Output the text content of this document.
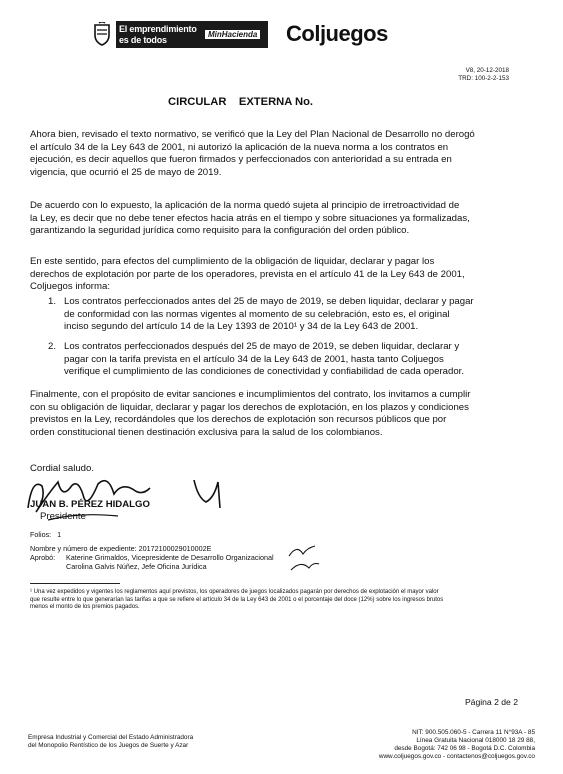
El emprendimiento
es de todos
MinHacienda Coljuegos
V8, 20-12-2018
TRD: 100-2-2-153
CIRCULAR    EXTERNA No.
Ahora bien, revisado el texto normativo, se verificó que la Ley del Plan Nacional de Desarrollo no derogó
el artículo 34 de la Ley 643 de 2001, ni autorizó la aplicación de la nueva norma a los contratos en
ejecución, es decir aquellos que fueron firmados y perfeccionados con anterioridad a su entrada en
vigencia, que ocurrió el 25 de mayo de 2019.
De acuerdo con lo expuesto, la aplicación de la norma quedó sujeta al principio de irretroactividad de
la Ley, es decir que no debe tener efectos hacia atrás en el tiempo y sobre situaciones ya formalizadas,
garantizando la seguridad jurídica como requisito para la configuración del orden público.
En este sentido, para efectos del cumplimiento de la obligación de liquidar, declarar y pagar los
derechos de explotación por parte de los operadores, prevista en el artículo 41 de la Ley 643 de 2001,
Coljuegos informa:
1. Los contratos perfeccionados antes del 25 de mayo de 2019, se deben liquidar, declarar y pagar
de conformidad con las normas vigentes al momento de su celebración, esto es, el original
inciso segundo del artículo 14 de la Ley 1393 de 2010¹ y 34 de la Ley 643 de 2001.
2. Los contratos perfeccionados después del 25 de mayo de 2019, se deben liquidar, declarar y
pagar con la tarifa prevista en el artículo 34 de la Ley 643 de 2001, hasta tanto Coljuegos
verifique el cumplimiento de las condiciones de conectividad y confiabilidad de cada operador.
Finalmente, con el propósito de evitar sanciones e incumplimientos del contrato, los invitamos a cumplir
con su obligación de liquidar, declarar y pagar los derechos de explotación, en los plazos y condiciones
previstos en la Ley, recordándoles que los derechos de explotación son recursos públicos que por
orden constitucional tienen destinación exclusiva para la salud de los colombianos.
Cordial saludo.
JUAN B. PÉREZ HIDALGO
Presidente
Folios:   1
Nombre y número de expediente: 20172100029010002E
Aprobó: Katerine Grimaldos, Vicepresidente de Desarrollo Organizacional
Carolina Galvis Núñez, Jefe Oficina Jurídica
¹ Una vez expedidos y vigentes los reglamentos aquí previstos, los operadores de juegos localizados pagarán por derechos de explotación el mayor valor
que resulte entre lo que generarían las tarifas a que se refiere el artículo 34 de la Ley 643 de 2001 o el porcentaje del doce (12%) sobre los ingresos brutos
menos el monto de los premios pagados.
Página 2 de 2
Empresa Industrial y Comercial del Estado Administradora
del Monopolio Rentístico de los Juegos de Suerte y Azar
NIT: 900.505.060-5 - Carrera 11 N°93A - 85
Línea Gratuita Nacional 018000 18 29 88,
desde Bogotá: 742 06 98 - Bogotá D.C. Colombia
www.coljuegos.gov.co - contactenos@coljuegos.gov.co
